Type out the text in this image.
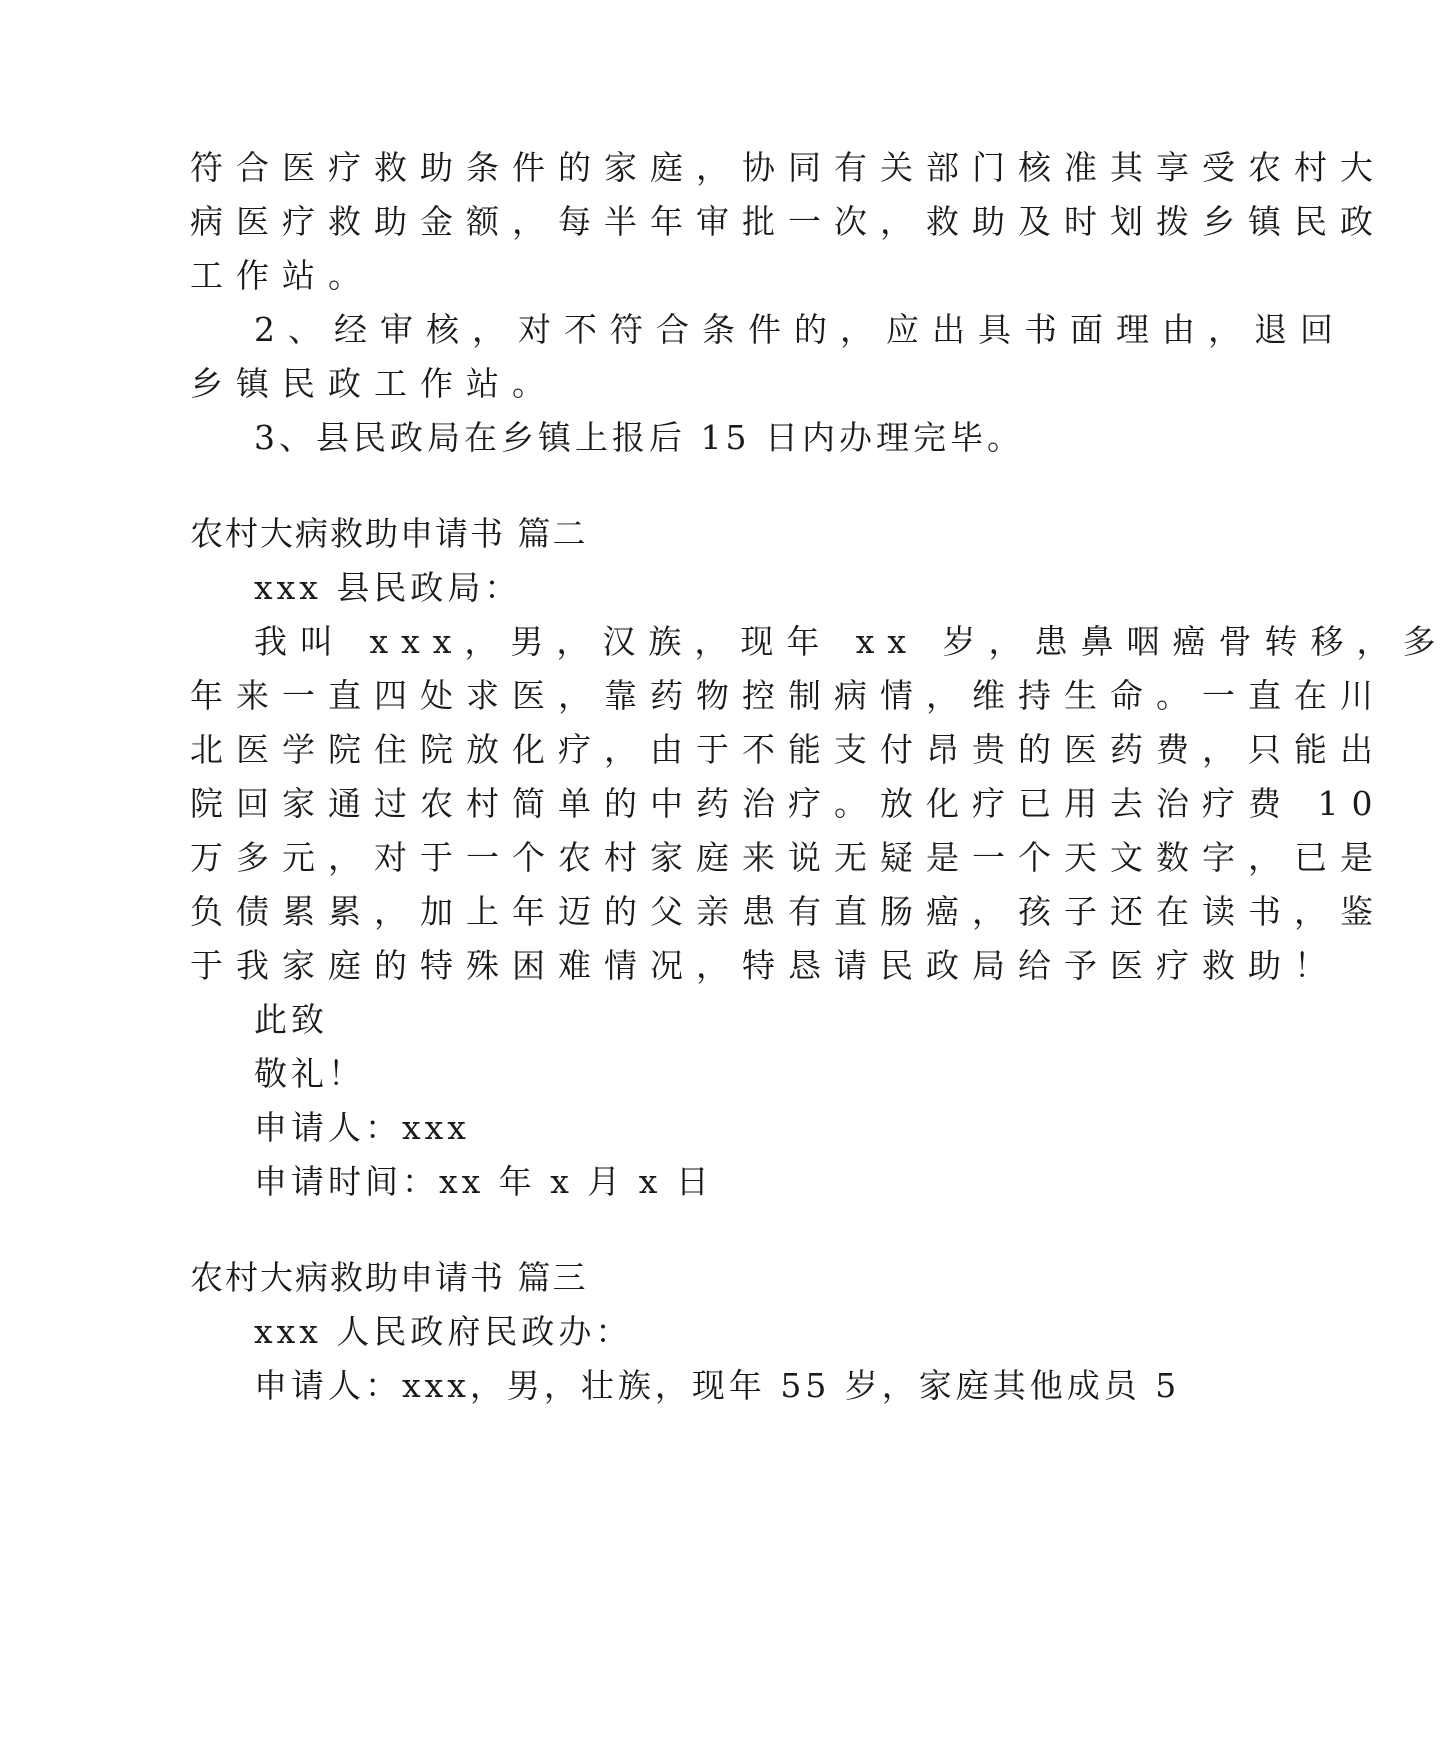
符合医疗救助条件的家庭，协同有关部门核准其享受农村大
病医疗救助金额，每半年审批一次，救助及时划拨乡镇民政
工作站。
2、经审核，对不符合条件的，应出具书面理由，退回
乡镇民政工作站。
3、县民政局在乡镇上报后 15 日内办理完毕。
农村大病救助申请书 篇二
xxx 县民政局：
我叫 xxx，男，汉族，现年 xx 岁，患鼻咽癌骨转移，多
年来一直四处求医，靠药物控制病情，维持生命。一直在川
北医学院住院放化疗，由于不能支付昂贵的医药费，只能出
院回家通过农村简单的中药治疗。放化疗已用去治疗费 10
万多元，对于一个农村家庭来说无疑是一个天文数字，已是
负债累累，加上年迈的父亲患有直肠癌，孩子还在读书，鉴
于我家庭的特殊困难情况，特恳请民政局给予医疗救助！
此致
敬礼！
申请人：xxx
申请时间：xx 年 x 月 x 日
农村大病救助申请书 篇三
xxx 人民政府民政办：
申请人：xxx，男，壮族，现年 55 岁，家庭其他成员 5
